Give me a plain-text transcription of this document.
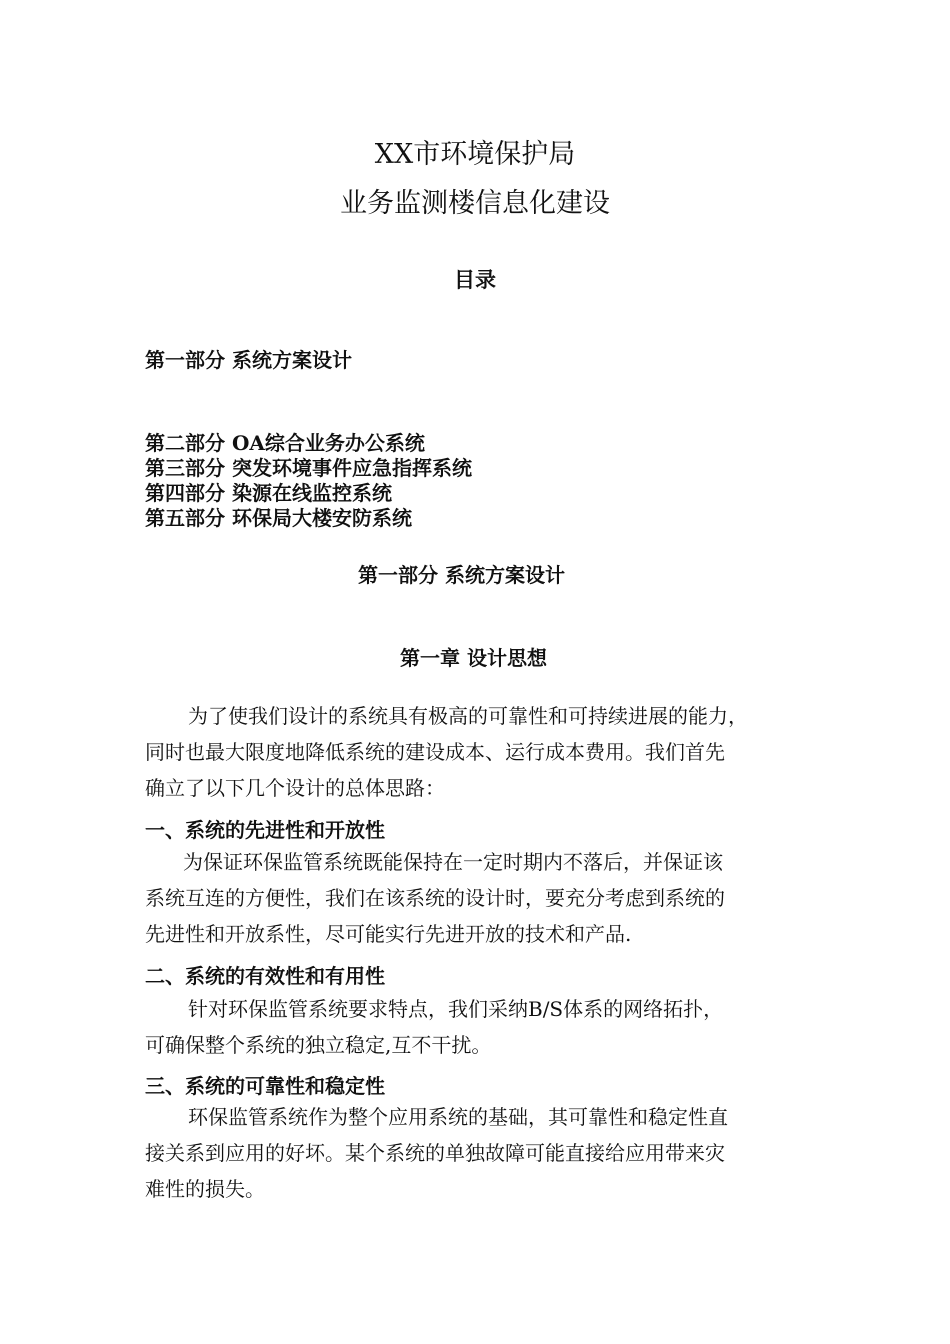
XX市环境保护局
业务监测楼信息化建设
目录
第一部分 系统方案设计
第二部分 OA综合业务办公系统
第三部分 突发环境事件应急指挥系统
第四部分 染源在线监控系统
第五部分 环保局大楼安防系统
第一部分 系统方案设计
第一章 设计思想
为了使我们设计的系统具有极高的可靠性和可持续进展的能力，
同时也最大限度地降低系统的建设成本、运行成本费用。我们首先
确立了以下几个设计的总体思路：
一、系统的先进性和开放性
为保证环保监管系统既能保持在一定时期内不落后，并保证该
系统互连的方便性，我们在该系统的设计时，要充分考虑到系统的
先进性和开放系性，尽可能实行先进开放的技术和产品.
二、系统的有效性和有用性
针对环保监管系统要求特点，我们采纳B/S体系的网络拓扑，
可确保整个系统的独立稳定,互不干扰。
三、系统的可靠性和稳定性
环保监管系统作为整个应用系统的基础，其可靠性和稳定性直
接关系到应用的好坏。某个系统的单独故障可能直接给应用带来灾
难性的损失。
